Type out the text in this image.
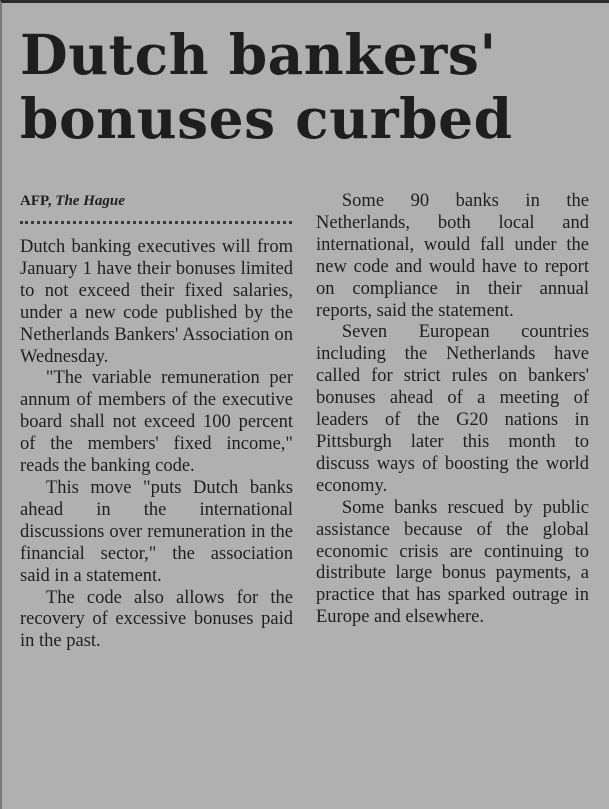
Dutch bankers' bonuses curbed
AFP, The Hague

Dutch banking executives will from January 1 have their bonuses limited to not exceed their fixed salaries, under a new code published by the Netherlands Bankers' Association on Wednesday.

"The variable remuneration per annum of members of the executive board shall not exceed 100 percent of the members' fixed income," reads the banking code.

This move "puts Dutch banks ahead in the international discussions over remuneration in the financial sector," the association said in a statement.

The code also allows for the recovery of excessive bonuses paid in the past.

Some 90 banks in the Netherlands, both local and international, would fall under the new code and would have to report on compliance in their annual reports, said the statement.

Seven European countries including the Netherlands have called for strict rules on bankers' bonuses ahead of a meeting of leaders of the G20 nations in Pittsburgh later this month to discuss ways of boosting the world economy.

Some banks rescued by public assistance because of the global economic crisis are continuing to distribute large bonus payments, a practice that has sparked outrage in Europe and elsewhere.
